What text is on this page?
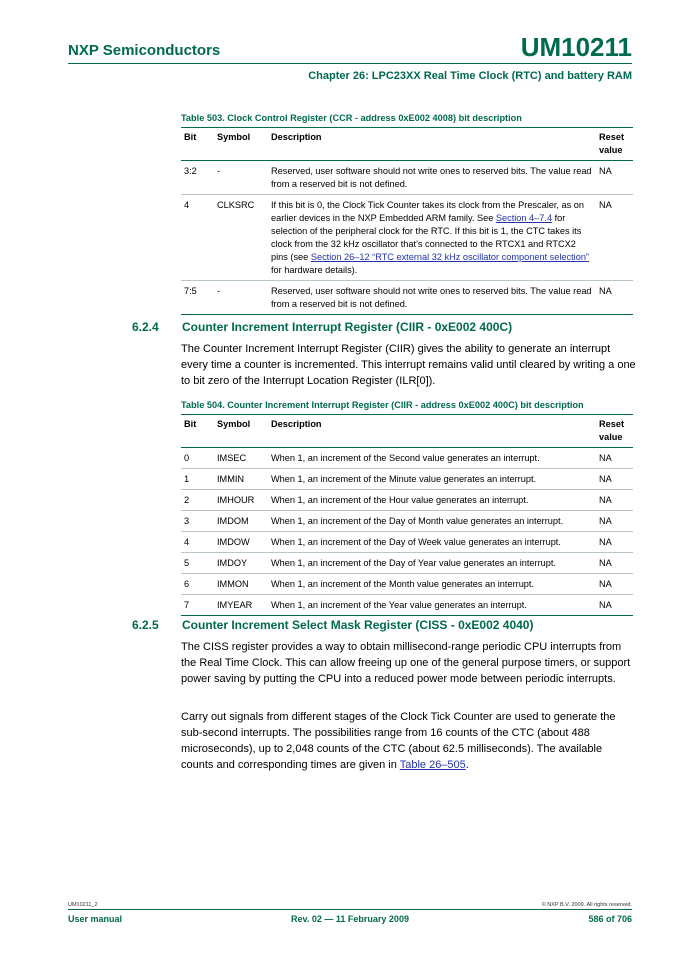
NXP Semiconductors	UM10211
Chapter 26: LPC23XX Real Time Clock (RTC) and battery RAM
Table 503. Clock Control Register (CCR - address 0xE002 4008) bit description
Bit	Symbol	Description	Reset value
3:2	-	Reserved, user software should not write ones to reserved bits. The value read from a reserved bit is not defined.	NA
4	CLKSRC	If this bit is 0, the Clock Tick Counter takes its clock from the Prescaler, as on earlier devices in the NXP Embedded ARM family. See Section 4–7.4 for selection of the peripheral clock for the RTC. If this bit is 1, the CTC takes its clock from the 32 kHz oscillator that’s connected to the RTCX1 and RTCX2 pins (see Section 26–12 “RTC external 32 kHz oscillator component selection” for hardware details).	NA
7:5	-	Reserved, user software should not write ones to reserved bits. The value read from a reserved bit is not defined.	NA
6.2.4 Counter Increment Interrupt Register (CIIR - 0xE002 400C)
The Counter Increment Interrupt Register (CIIR) gives the ability to generate an interrupt every time a counter is incremented. This interrupt remains valid until cleared by writing a one to bit zero of the Interrupt Location Register (ILR[0]).
Table 504. Counter Increment Interrupt Register (CIIR - address 0xE002 400C) bit description
Bit	Symbol	Description	Reset value
0	IMSEC	When 1, an increment of the Second value generates an interrupt.	NA
1	IMMIN	When 1, an increment of the Minute value generates an interrupt.	NA
2	IMHOUR	When 1, an increment of the Hour value generates an interrupt.	NA
3	IMDOM	When 1, an increment of the Day of Month value generates an interrupt.	NA
4	IMDOW	When 1, an increment of the Day of Week value generates an interrupt.	NA
5	IMDOY	When 1, an increment of the Day of Year value generates an interrupt.	NA
6	IMMON	When 1, an increment of the Month value generates an interrupt.	NA
7	IMYEAR	When 1, an increment of the Year value generates an interrupt.	NA
6.2.5 Counter Increment Select Mask Register (CISS - 0xE002 4040)
The CISS register provides a way to obtain millisecond-range periodic CPU interrupts from the Real Time Clock. This can allow freeing up one of the general purpose timers, or support power saving by putting the CPU into a reduced power mode between periodic interrupts.
Carry out signals from different stages of the Clock Tick Counter are used to generate the sub-second interrupts. The possibilities range from 16 counts of the CTC (about 488 microseconds), up to 2,048 counts of the CTC (about 62.5 milliseconds). The available counts and corresponding times are given in Table 26–505.
UM10211_2	© NXP B.V. 2009. All rights reserved.
User manual	Rev. 02 — 11 February 2009	586 of 706
